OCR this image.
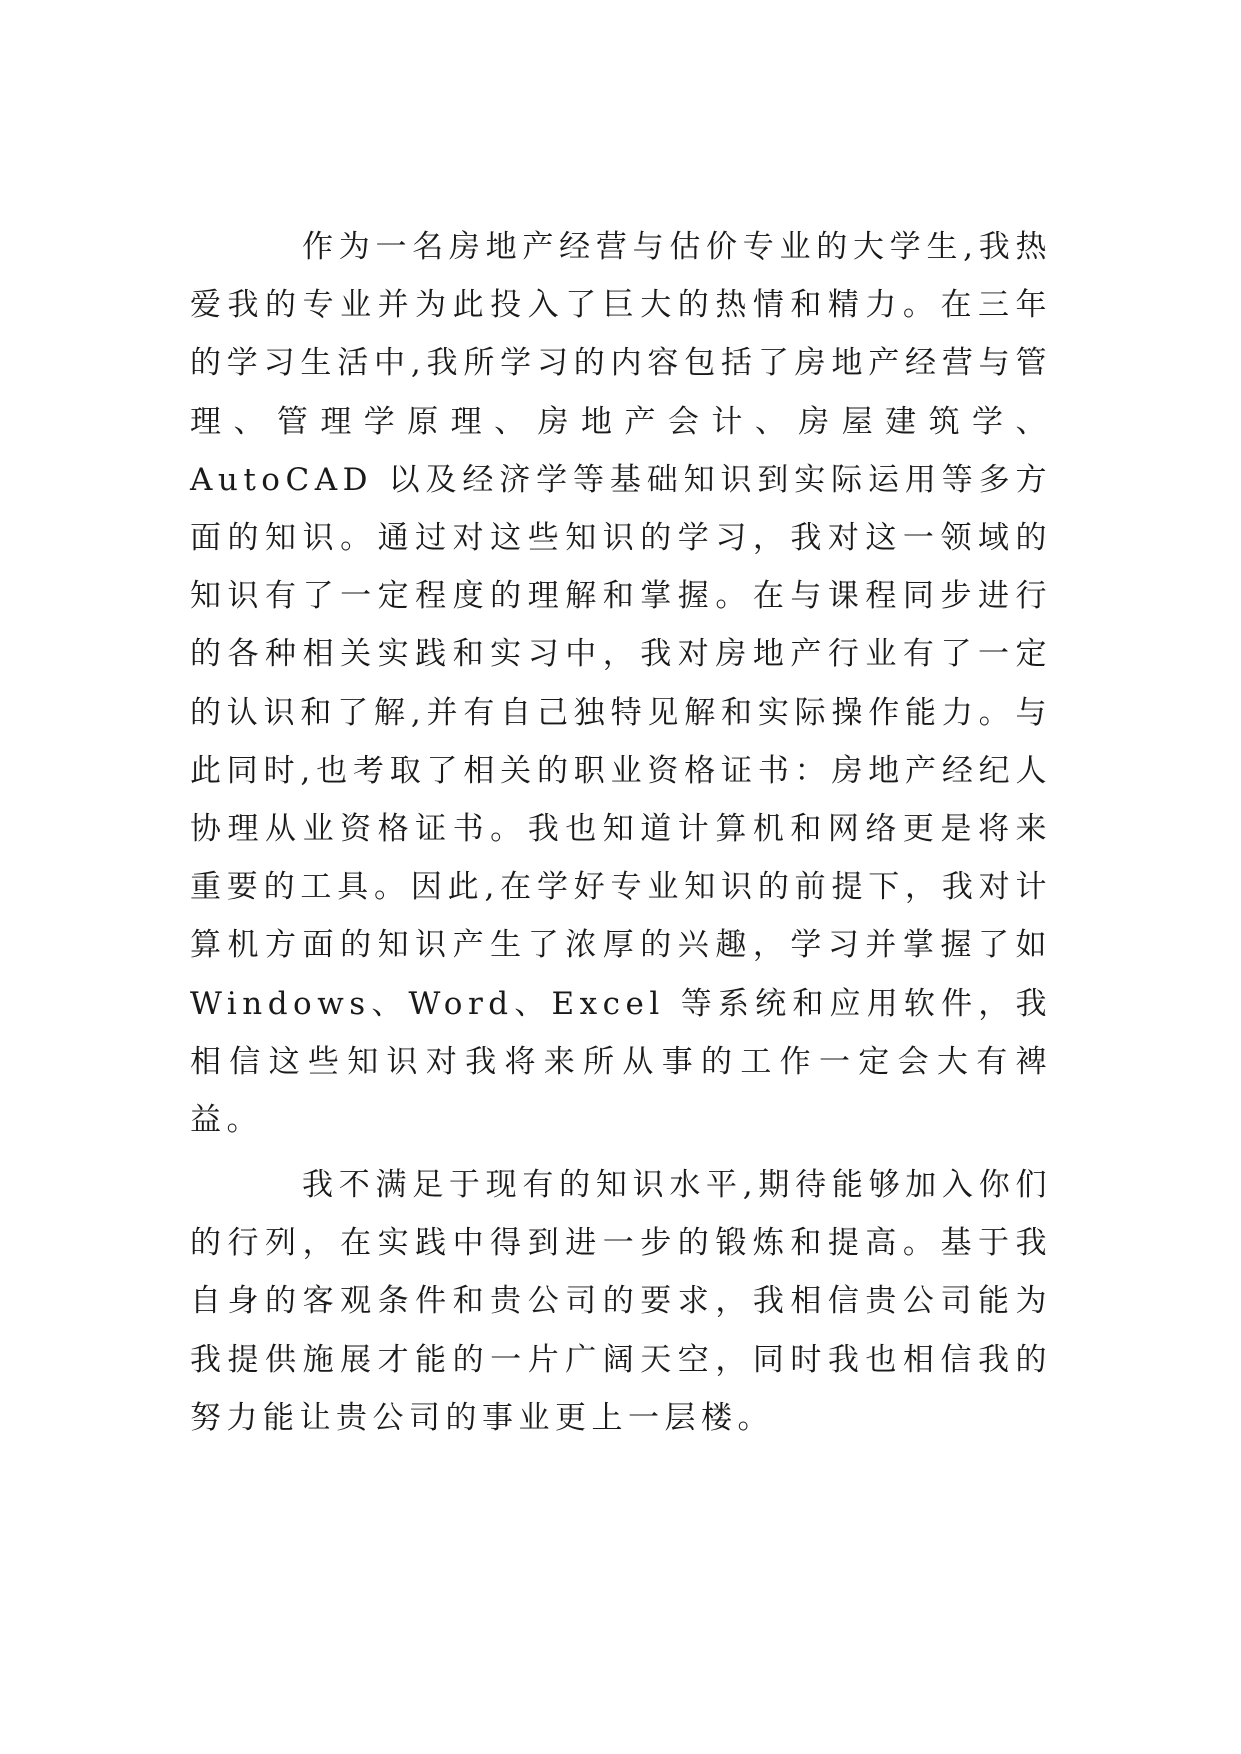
作为一名房地产经营与估价专业的大学生,我热爱我的专业并为此投入了巨大的热情和精力。在三年的学习生活中,我所学习的内容包括了房地产经营与管理、管理学原理、房地产会计、房屋建筑学、AutoCAD 以及经济学等基础知识到实际运用等多方面的知识。通过对这些知识的学习，我对这一领域的知识有了一定程度的理解和掌握。在与课程同步进行的各种相关实践和实习中，我对房地产行业有了一定的认识和了解,并有自己独特见解和实际操作能力。与此同时,也考取了相关的职业资格证书：房地产经纪人协理从业资格证书。我也知道计算机和网络更是将来重要的工具。因此,在学好专业知识的前提下，我对计算机方面的知识产生了浓厚的兴趣，学习并掌握了如 Windows、Word、Excel 等系统和应用软件，我相信这些知识对我将来所从事的工作一定会大有裨益。

我不满足于现有的知识水平,期待能够加入你们的行列，在实践中得到进一步的锻炼和提高。基于我自身的客观条件和贵公司的要求，我相信贵公司能为我提供施展才能的一片广阔天空，同时我也相信我的努力能让贵公司的事业更上一层楼。
